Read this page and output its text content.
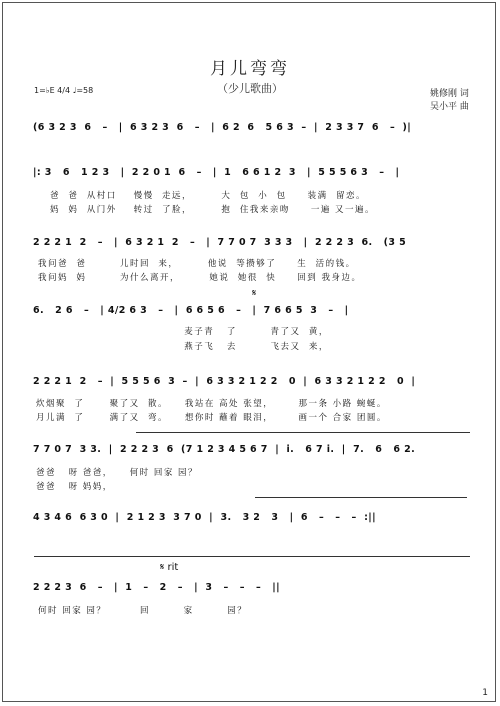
月儿弯弯
（少儿歌曲）
1=♭E 4/4 ♩=58	姚修刚 词
吴小平 曲
(6 3 2 3  6   –   |  6 3 2 3  6   –   |  6 2  6   5 6 3  –  |  2 3 3 7  6   –  )|
|: 3   6   1 2 3   |  2 2 0 1  6   –   |  1   6 6 1 2  3   |  5 5 5 6 3   –   |
爸  爸  从村口    慢慢  走远，       大  包  小  包     装满  留恋。
妈  妈  从门外    转过  了脸，       抱  住我来亲吻     一遍 又一遍。
2 2 2 1  2   –   |  6 3 2 1  2   –   |  7 7 0 7  3 3 3   |  2 2 2 3  6.   (3 5
我问爸  爸        儿时回  来，       他说  等攒够了     生  活的钱。
我问妈  妈        为什么离开，       她说  她很  快     回到 我身边。
𝄋
6.   2 6   –   | 4/2 6 3   –   |  6 6 5 6   –   |  7 6 6 5  3   –   |
麦子青   了        青了又  黄，
燕子飞   去        飞去又  来，
2 2 2 1  2   –  |  5 5 5 6  3  –  |  6 3 3 2 1 2 2   0  |  6 3 3 2 1 2 2   0  |
炊烟聚  了      聚了又  散。    我站在 高处 张望，      那一条 小路 蜿蜒。
月儿满  了      满了又  弯。    想你时 蘸着 眼泪，      画一个 合家 团圆。
7 7 0 7  3 3.  |  2 2 2 3  6  (7 1 2 3 4 5 6 7  |  i.   6 7 i.  |  7.   6   6 2.
爸爸   呀 爸爸，    何时 回家 园？
爸爸   呀 妈妈，
4 3 4 6  6 3 0  |  2 1 2 3  3 7 0  |  3.   3 2   3   |  6   –   –   –  :||
𝄋 rit
2 2 2 3  6   –   |  1   –   2   –   |  3   –   –   –   ||
何时 回家 园？        回        家        园？
1
